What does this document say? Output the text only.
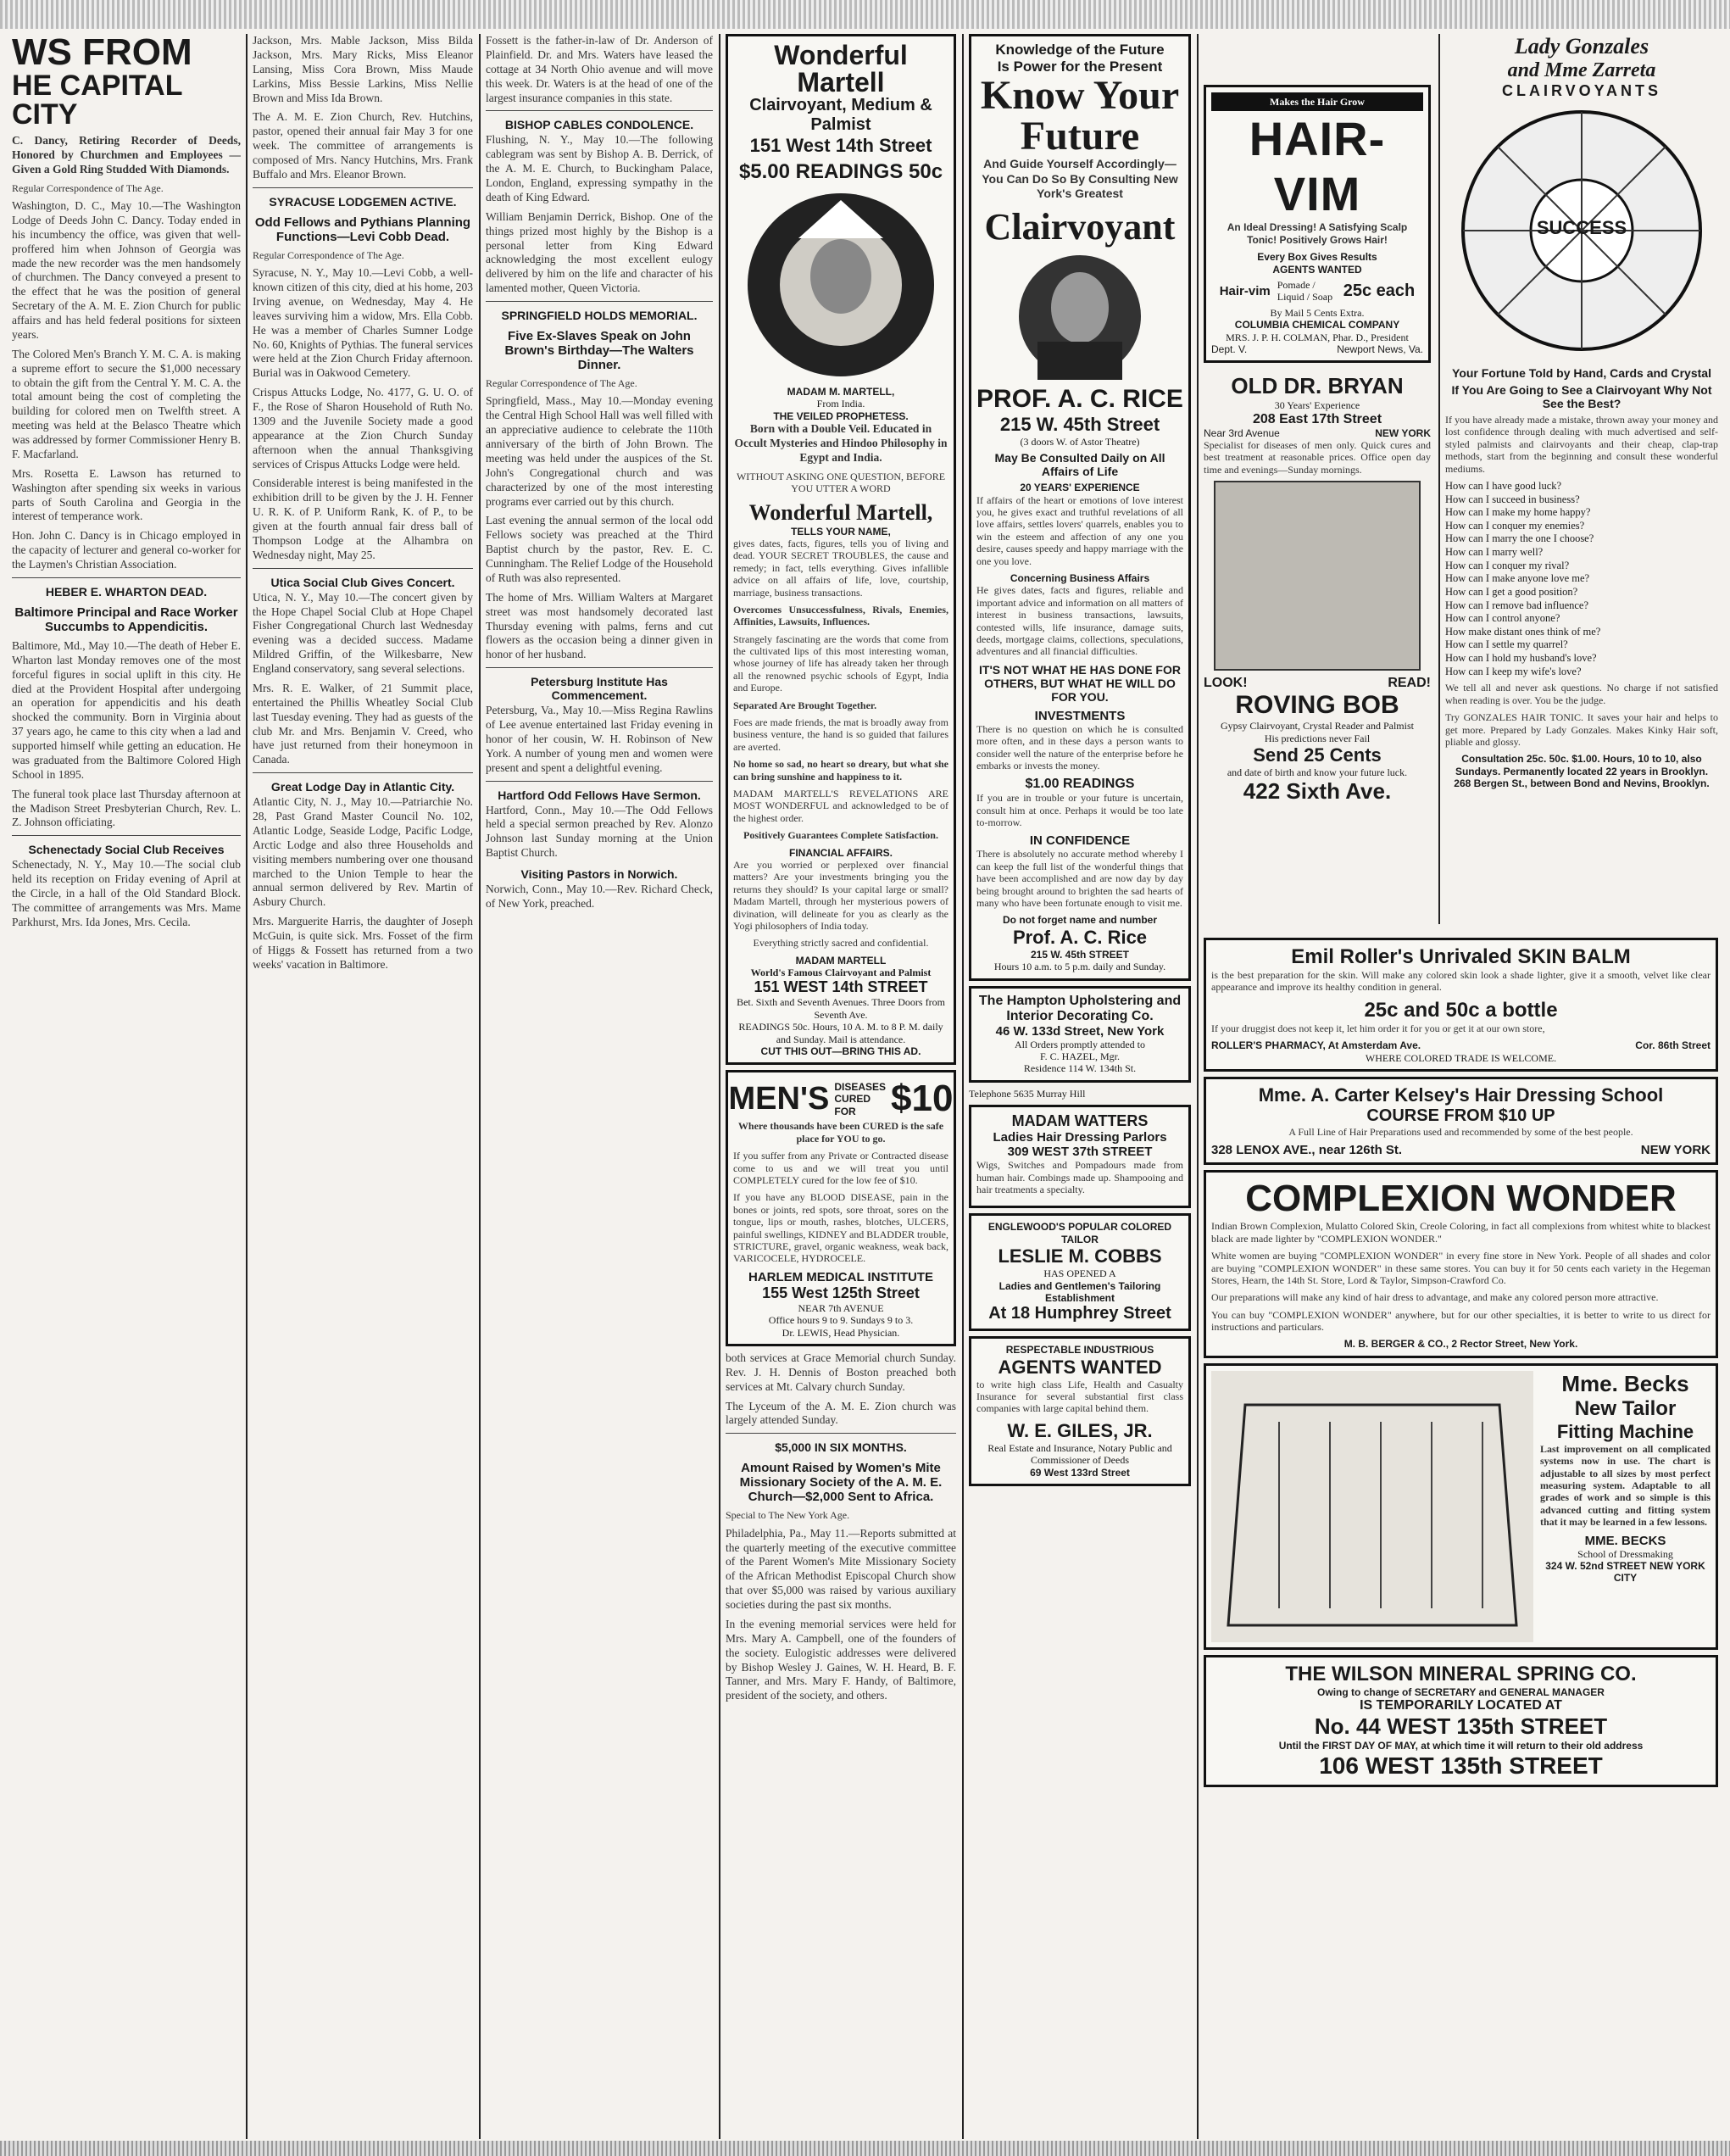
WS FROM
HE CAPITAL CITY

C. Dancy, Retiring Recorder of Deeds, Honored by Churchmen and Employees — Given a Gold Ring Studded With Diamonds.

Regular Correspondence of The Age.

Washington, D. C., May 10.—The Washington Lodge of Deeds John C. Dancy. Today ended in his incumbency the office, was given that well-proffered him when Johnson of Georgia was made the new recorder was the men handsomely of churchmen. The Dancy conveyed a present to the effect that he was the position of general Secretary of the A. M. E. Zion Church for public affairs and has held federal positions for sixteen years.

The Colored Men's Branch Y. M. C. A. is making a supreme effort to secure the $1,000 necessary to obtain the gift from the Central Y. M. C. A. the total amount being the cost of completing the building for colored men on Twelfth street. A meeting was held at the Belasco Theatre which was addressed by former Commissioner Henry B. F. Macfarland.

Mrs. Rosetta E. Lawson has returned to Washington after spending six weeks in various parts of South Carolina and Georgia in the interest of temperance work.

Hon. John C. Dancy is in Chicago employed in the capacity of lecturer and general co-worker for the Laymen's Christian Association.

HEBER E. WHARTON DEAD.
Baltimore Principal and Race Worker Succumbs to Appendicitis.

Baltimore, Md., May 10.—The death of Heber E. Wharton last Monday removes one of the most forceful figures in social uplift in this city. He died at the Provident Hospital after undergoing an operation for appendicitis and his death shocked the community. Born in Virginia about 37 years ago, he came to this city when a lad and supported himself while getting an education. He was graduated from the Baltimore Colored High School in 1895.

The funeral took place last Thursday afternoon at the Madison Street Presbyterian Church, Rev. L. Z. Johnson officiating.

Schenectady Social Club Receives

Schenectady, N. Y., May 10.—The social club held its reception on Friday evening of April at the Circle, in a hall of the Old Standard Block. The committee of arrangements was Mrs. Mame Parkhurst, Mrs. Ida Jones, Mrs. Cecila.

Jackson, Mrs. Mable Jackson, Miss Bilda Jackson, Mrs. Mary Ricks, Miss Eleanor Lansing, Miss Cora Brown, Miss Maude Larkins, Miss Bessie Larkins, Miss Nellie Brown and Miss Ida Brown.

The A. M. E. Zion Church, Rev. Hutchins, pastor, opened their annual fair May 3 for one week. The committee of arrangements is composed of Mrs. Nancy Hutchins, Mrs. Frank Buffalo and Mrs. Eleanor Brown.

SYRACUSE LODGEMEN ACTIVE.
Odd Fellows and Pythians Planning Functions—Levi Cobb Dead.

Regular Correspondence of The Age.

Syracuse, N. Y., May 10.—Levi Cobb, a well-known citizen of this city, died at his home, 203 Irving avenue, on Wednesday, May 4. He leaves surviving him a widow, Mrs. Ella Cobb. He was a member of Charles Sumner Lodge No. 60, Knights of Pythias. The funeral services were held at the Zion Church Friday afternoon. Burial was in Oakwood Cemetery.

Crispus Attucks Lodge, No. 4177, G. U. O. of F., the Rose of Sharon Household of Ruth No. 1309 and the Juvenile Society made a good appearance at the Zion Church Sunday afternoon when the annual Thanksgiving services of Crispus Attucks Lodge were held.

Considerable interest is being manifested in the exhibition drill to be given by the J. H. Fenner U. R. K. of P. Uniform Rank, K. of P., to be given at the fourth annual fair dress ball of Thompson Lodge at the Alhambra on Wednesday night, May 25.

Utica Social Club Gives Concert.

Utica, N. Y., May 10.—The concert given by the Hope Chapel Social Club at Hope Chapel Fisher Congregational Church last Wednesday evening was a decided success. Madame Mildred Griffin, of the Wilkesbarre, New England conservatory, sang several selections.

Mrs. R. E. Walker, of 21 Summit place, entertained the Phillis Wheatley Social Club last Tuesday evening. They had as guests of the club Mr. and Mrs. Benjamin V. Creed, who have just returned from their honeymoon in Canada.

Great Lodge Day in Atlantic City.

Atlantic City, N. J., May 10.—Patriarchie No. 28, Past Grand Master Council No. 102, Atlantic Lodge, Seaside Lodge, Pacific Lodge, Arctic Lodge and also three Households and visiting members numbering over one thousand marched to the Union Temple to hear the annual sermon delivered by Rev. Martin of Asbury Church.

Mrs. Marguerite Harris, the daughter of Joseph McGuin, is quite sick. Mrs. Fosset of the firm of Higgs & Fossett has returned from a two weeks' vacation in Baltimore.

Fossett is the father-in-law of Dr. Anderson of Plainfield. Dr. and Mrs. Waters have leased the cottage at 34 North Ohio avenue and will move this week. Dr. Waters is at the head of one of the largest insurance companies in this state.

BISHOP CABLES CONDOLENCE.

Flushing, N. Y., May 10.—The following cablegram was sent by Bishop A. B. Derrick, of the A. M. E. Church, to Buckingham Palace, London, England, expressing sympathy in the death of King Edward.

William Benjamin Derrick, Bishop. One of the things prized most highly by the Bishop is a personal letter from King Edward acknowledging the most excellent eulogy delivered by him on the life and character of his lamented mother, Queen Victoria.

SPRINGFIELD HOLDS MEMORIAL.
Five Ex-Slaves Speak on John Brown's Birthday—The Walters Dinner.

Regular Correspondence of The Age.

Springfield, Mass., May 10.—Monday evening the Central High School Hall was well filled with an appreciative audience to celebrate the 110th anniversary of the birth of John Brown. The meeting was held under the auspices of the St. John's Congregational church and was characterized by one of the most interesting programs ever carried out by this church.

Last evening the annual sermon of the local odd Fellows society was preached at the Third Baptist church by the pastor, Rev. E. C. Cunningham. The Relief Lodge of the Household of Ruth was also represented.

The home of Mrs. William Walters at Margaret street was most handsomely decorated last Thursday evening with palms, ferns and cut flowers as the occasion being a dinner given in honor of her husband.

Petersburg Institute Has Commencement.

Petersburg, Va., May 10.—Miss Regina Rawlins of Lee avenue entertained last Friday evening in honor of her cousin, W. H. Robinson of New York. A number of young men and women were present and spent a delightful evening.

Hartford Odd Fellows Have Sermon.

Hartford, Conn., May 10.—The Odd Fellows held a special sermon preached by Rev. Alonzo Johnson last Sunday morning at the Union Baptist Church.

Visiting Pastors in Norwich.

Norwich, Conn., May 10.—Rev. Richard Check, of New York, preached.

Wonderful Martell
Clairvoyant, Medium & Palmist
151 West 14th Street
$5.00 READINGS 50c
MADAM M. MARTELL,
From India.
THE VEILED PROPHETESS.

Born with a Double Veil. Educated in Occult Mysteries and Hindoo Philosophy in Egypt and India.

WITHOUT ASKING ONE QUESTION, BEFORE YOU UTTER A WORD

Wonderful Martell,
TELLS YOUR NAME,

gives dates, facts, figures, tells you of living and dead. YOUR SECRET TROUBLES, the cause and remedy; in fact, tells everything. Gives infallible advice on all affairs of life, love, courtship, marriage, business transactions.

Overcomes Unsuccessfulness, Rivals, Enemies, Affinities, Lawsuits, Influences.

Strangely fascinating are the words that come from the cultivated lips of this most interesting woman, whose journey of life has already taken her through all the renowned psychic schools of Egypt, India and Europe.

Separated Are Brought Together.

Foes are made friends, the mat is broadly away from business venture, the hand is so guided that failures are averted.

No home so sad, no heart so dreary, but what she can bring sunshine and happiness to it.

MADAM MARTELL'S REVELATIONS ARE MOST WONDERFUL and acknowledged to be of the highest order.

Positively Guarantees Complete Satisfaction.

FINANCIAL AFFAIRS.

Are you worried or perplexed over financial matters? Are your investments bringing you the returns they should? Is your capital large or small? Madam Martell, through her mysterious powers of divination, will delineate for you as clearly as the Yogi philosophers of India today.

Everything strictly sacred and confidential.

MADAM MARTELL
World's Famous Clairvoyant and Palmist
151 WEST 14th STREET
Bet. Sixth and Seventh Avenues. Three Doors from Seventh Ave.
READINGS 50c. Hours, 10 A. M. to 8 P. M. daily and Sunday. Mail is attendance.
CUT THIS OUT—BRING THIS AD.
MEN'S DISEASES CURED FOR $10

Where thousands have been CURED is the safe place for YOU to go.

If you suffer from any Private or Contracted disease come to us and we will treat you until COMPLETELY cured for the low fee of $10.

If you have any BLOOD DISEASE, pain in the bones or joints, red spots, sore throat, sores on the tongue, lips or mouth, rashes, blotches, ULCERS, painful swellings, KIDNEY and BLADDER trouble, STRICTURE, gravel, organic weakness, weak back, VARICOCELE, HYDROCELE.

HARLEM MEDICAL INSTITUTE
155 West 125th Street
NEAR 7th AVENUE
Office hours 9 to 9. Sundays 9 to 3.
Dr. LEWIS, Head Physician.

both services at Grace Memorial church Sunday. Rev. J. H. Dennis of Boston preached both services at Mt. Calvary church Sunday.

The Lyceum of the A. M. E. Zion church was largely attended Sunday.

$5,000 IN SIX MONTHS.
Amount Raised by Women's Mite Missionary Society of the A. M. E. Church—$2,000 Sent to Africa.

Special to The New York Age.

Philadelphia, Pa., May 11.—Reports submitted at the quarterly meeting of the executive committee of the Parent Women's Mite Missionary Society of the African Methodist Episcopal Church show that over $5,000 was raised by various auxiliary societies during the past six months.

In the evening memorial services were held for Mrs. Mary A. Campbell, one of the founders of the society. Eulogistic addresses were delivered by Bishop Wesley J. Gaines, W. H. Heard, B. F. Tanner, and Mrs. Mary F. Handy, of Baltimore, president of the society, and others.

Knowledge of the Future
Is Power for the Present
Know Your
Future

And Guide Yourself Accordingly— You Can Do So By Consulting New York's Greatest

Clairvoyant
PROF. A. C. RICE
215 W. 45th Street
(3 doors W. of Astor Theatre)
May Be Consulted Daily on All Affairs of Life
20 YEARS' EXPERIENCE

If affairs of the heart or emotions of love interest you, he gives exact and truthful revelations of all love affairs, settles lovers' quarrels, enables you to win the esteem and affection of any one you desire, causes speedy and happy marriage with the one you love.

Concerning Business Affairs

He gives dates, facts and figures, reliable and important advice and information on all matters of interest in business transactions, lawsuits, contested wills, life insurance, damage suits, deeds, mortgage claims, collections, speculations, adventures and all financial difficulties.

IT'S NOT WHAT HE HAS DONE FOR OTHERS, BUT WHAT HE WILL DO FOR YOU.
INVESTMENTS

There is no question on which he is consulted more often, and in these days a person wants to consider well the nature of the enterprise before he embarks or invests the money.

$1.00 READINGS

If you are in trouble or your future is uncertain, consult him at once. Perhaps it would be too late to-morrow.

IN CONFIDENCE

There is absolutely no accurate method whereby I can keep the full list of the wonderful things that have been accomplished and are now day by day being brought around to brighten the sad hearts of many who have been fortunate enough to visit me.

Do not forget name and number
Prof. A. C. Rice
215 W. 45th STREET
Hours 10 a.m. to 5 p.m. daily and Sunday.
The Hampton Upholstering and
Interior Decorating Co.
46 W. 133d Street, New York
All Orders promptly attended to
F. C. HAZEL, Mgr.
Residence 114 W. 134th St.
Telephone 5635 Murray Hill
MADAM WATTERS
Ladies Hair Dressing Parlors
309 WEST 37th STREET

Wigs, Switches and Pompadours made from human hair. Combings made up. Shampooing and hair treatments a specialty.

ENGLEWOOD'S POPULAR COLORED TAILOR
LESLIE M. COBBS
HAS OPENED A
Ladies and Gentlemen's Tailoring Establishment
At 18 Humphrey Street
RESPECTABLE INDUSTRIOUS
AGENTS WANTED

to write high class Life, Health and Casualty Insurance for several substantial first class companies with large capital behind them.

W. E. GILES, JR.
Real Estate and Insurance, Notary Public and Commissioner of Deeds
69 West 133rd Street
Makes the Hair Grow
HAIR-VIM

An Ideal Dressing! A Satisfying Scalp Tonic! Positively Grows Hair!

Every Box Gives Results
AGENTS WANTED
Hair-vim Pomade / Liquid / Soap 25c each
By Mail 5 Cents Extra.
COLUMBIA CHEMICAL COMPANY
MRS. J. P. H. COLMAN, Phar. D., President
Dept. V.	Newport News, Va.
OLD DR. BRYAN
30 Years' Experience
208 East 17th Street
Near 3rd Avenue	NEW YORK

Specialist for diseases of men only. Quick cures and best treatment at reasonable prices. Office open day time and evenings—Sunday mornings.

LOOK!	READ!
ROVING BOB
Gypsy Clairvoyant, Crystal Reader and Palmist
His predictions never Fail
Send 25 Cents
and date of birth and know your future luck.
422 Sixth Ave.
Lady Gonzales
and Mme Zarreta
CLAIRVOYANTS
SUCCESS
Your Fortune Told by Hand, Cards and Crystal
If You Are Going to See a Clairvoyant Why Not See the Best?

If you have already made a mistake, thrown away your money and lost confidence through dealing with much advertised and self-styled palmists and clairvoyants and their cheap, clap-trap methods, start from the beginning and consult these wonderful mediums.

How can I have good luck?
How can I succeed in business?
How can I make my home happy?
How can I conquer my enemies?
How can I marry the one I choose?
How can I marry well?
How can I conquer my rival?
How can I make anyone love me?
How can I get a good position?
How can I remove bad influence?
How can I control anyone?
How make distant ones think of me?
How can I settle my quarrel?
How can I hold my husband's love?
How can I keep my wife's love?

We tell all and never ask questions. No charge if not satisfied when reading is over. You be the judge.

Try GONZALES HAIR TONIC. It saves your hair and helps to get more. Prepared by Lady Gonzales. Makes Kinky Hair soft, pliable and glossy.

Consultation 25c. 50c. $1.00. Hours, 10 to 10, also Sundays. Permanently located 22 years in Brooklyn.
268 Bergen St., between Bond and Nevins, Brooklyn.
Emil Roller's Unrivaled SKIN BALM

is the best preparation for the skin. Will make any colored skin look a shade lighter, give it a smooth, velvet like clear appearance and improve its healthy condition in general.

25c and 50c a bottle

If your druggist does not keep it, let him order it for you or get it at our own store,

ROLLER'S PHARMACY, At Amsterdam Ave.	Cor. 86th Street
WHERE COLORED TRADE IS WELCOME.
Mme. A. Carter Kelsey's Hair Dressing School
COURSE FROM $10 UP

A Full Line of Hair Preparations used and recommended by some of the best people.

328 LENOX AVE., near 126th St.	NEW YORK
COMPLEXION WONDER

Indian Brown Complexion, Mulatto Colored Skin, Creole Coloring, in fact all complexions from whitest white to blackest black are made lighter by "COMPLEXION WONDER."

White women are buying "COMPLEXION WONDER" in every fine store in New York. People of all shades and color are buying "COMPLEXION WONDER" in these same stores. You can buy it for 50 cents each variety in the Hegeman Stores, Hearn, the 14th St. Store, Lord & Taylor, Simpson-Crawford Co.

Our preparations will make any kind of hair dress to advantage, and make any colored person more attractive.

You can buy "COMPLEXION WONDER" anywhere, but for our other specialties, it is better to write to us direct for instructions and particulars.

M. B. BERGER & CO., 2 Rector Street, New York.
Mme. Becks
New Tailor
Fitting Machine

Last improvement on all complicated systems now in use. The chart is adjustable to all sizes by most perfect measuring system. Adaptable to all grades of work and so simple is this advanced cutting and fitting system that it may be learned in a few lessons.

MME. BECKS
School of Dressmaking
324 W. 52nd STREET NEW YORK CITY
THE WILSON MINERAL SPRING CO.
Owing to change of SECRETARY and GENERAL MANAGER
IS TEMPORARILY LOCATED AT
No. 44 WEST 135th STREET
Until the FIRST DAY OF MAY, at which time it will return to their old address
106 WEST 135th STREET
